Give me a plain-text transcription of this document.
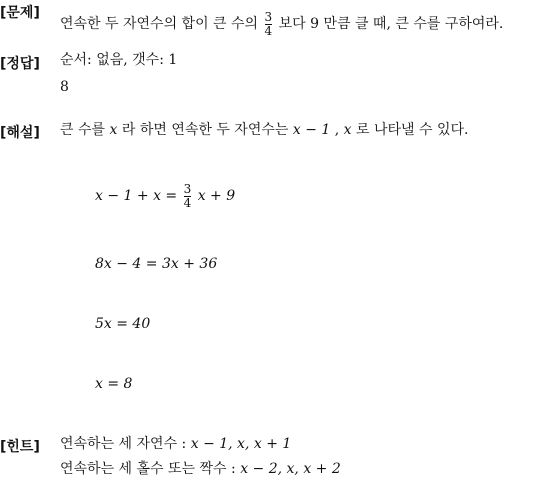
[문제]
연속한 두 자연수의 합이 큰 수의 $\frac{3}{4}$ 보다 9 만큼 클 때, 큰 수를 구하여라.
[정답] 순서: 없음, 갯수: 1
8
[해설] 큰 수를 x 라 하면 연속한 두 자연수는 x − 1 , x 로 나타낼 수 있다.
$x - 1 + x = \frac{3}{4}$ x + 9
8x − 4 = 3x + 36
5x = 40
x = 8
[힌트] 연속하는 세 자연수 : x − 1, x, x + 1
연속하는 세 홀수 또는 짝수 : x − 2, x, x + 2
